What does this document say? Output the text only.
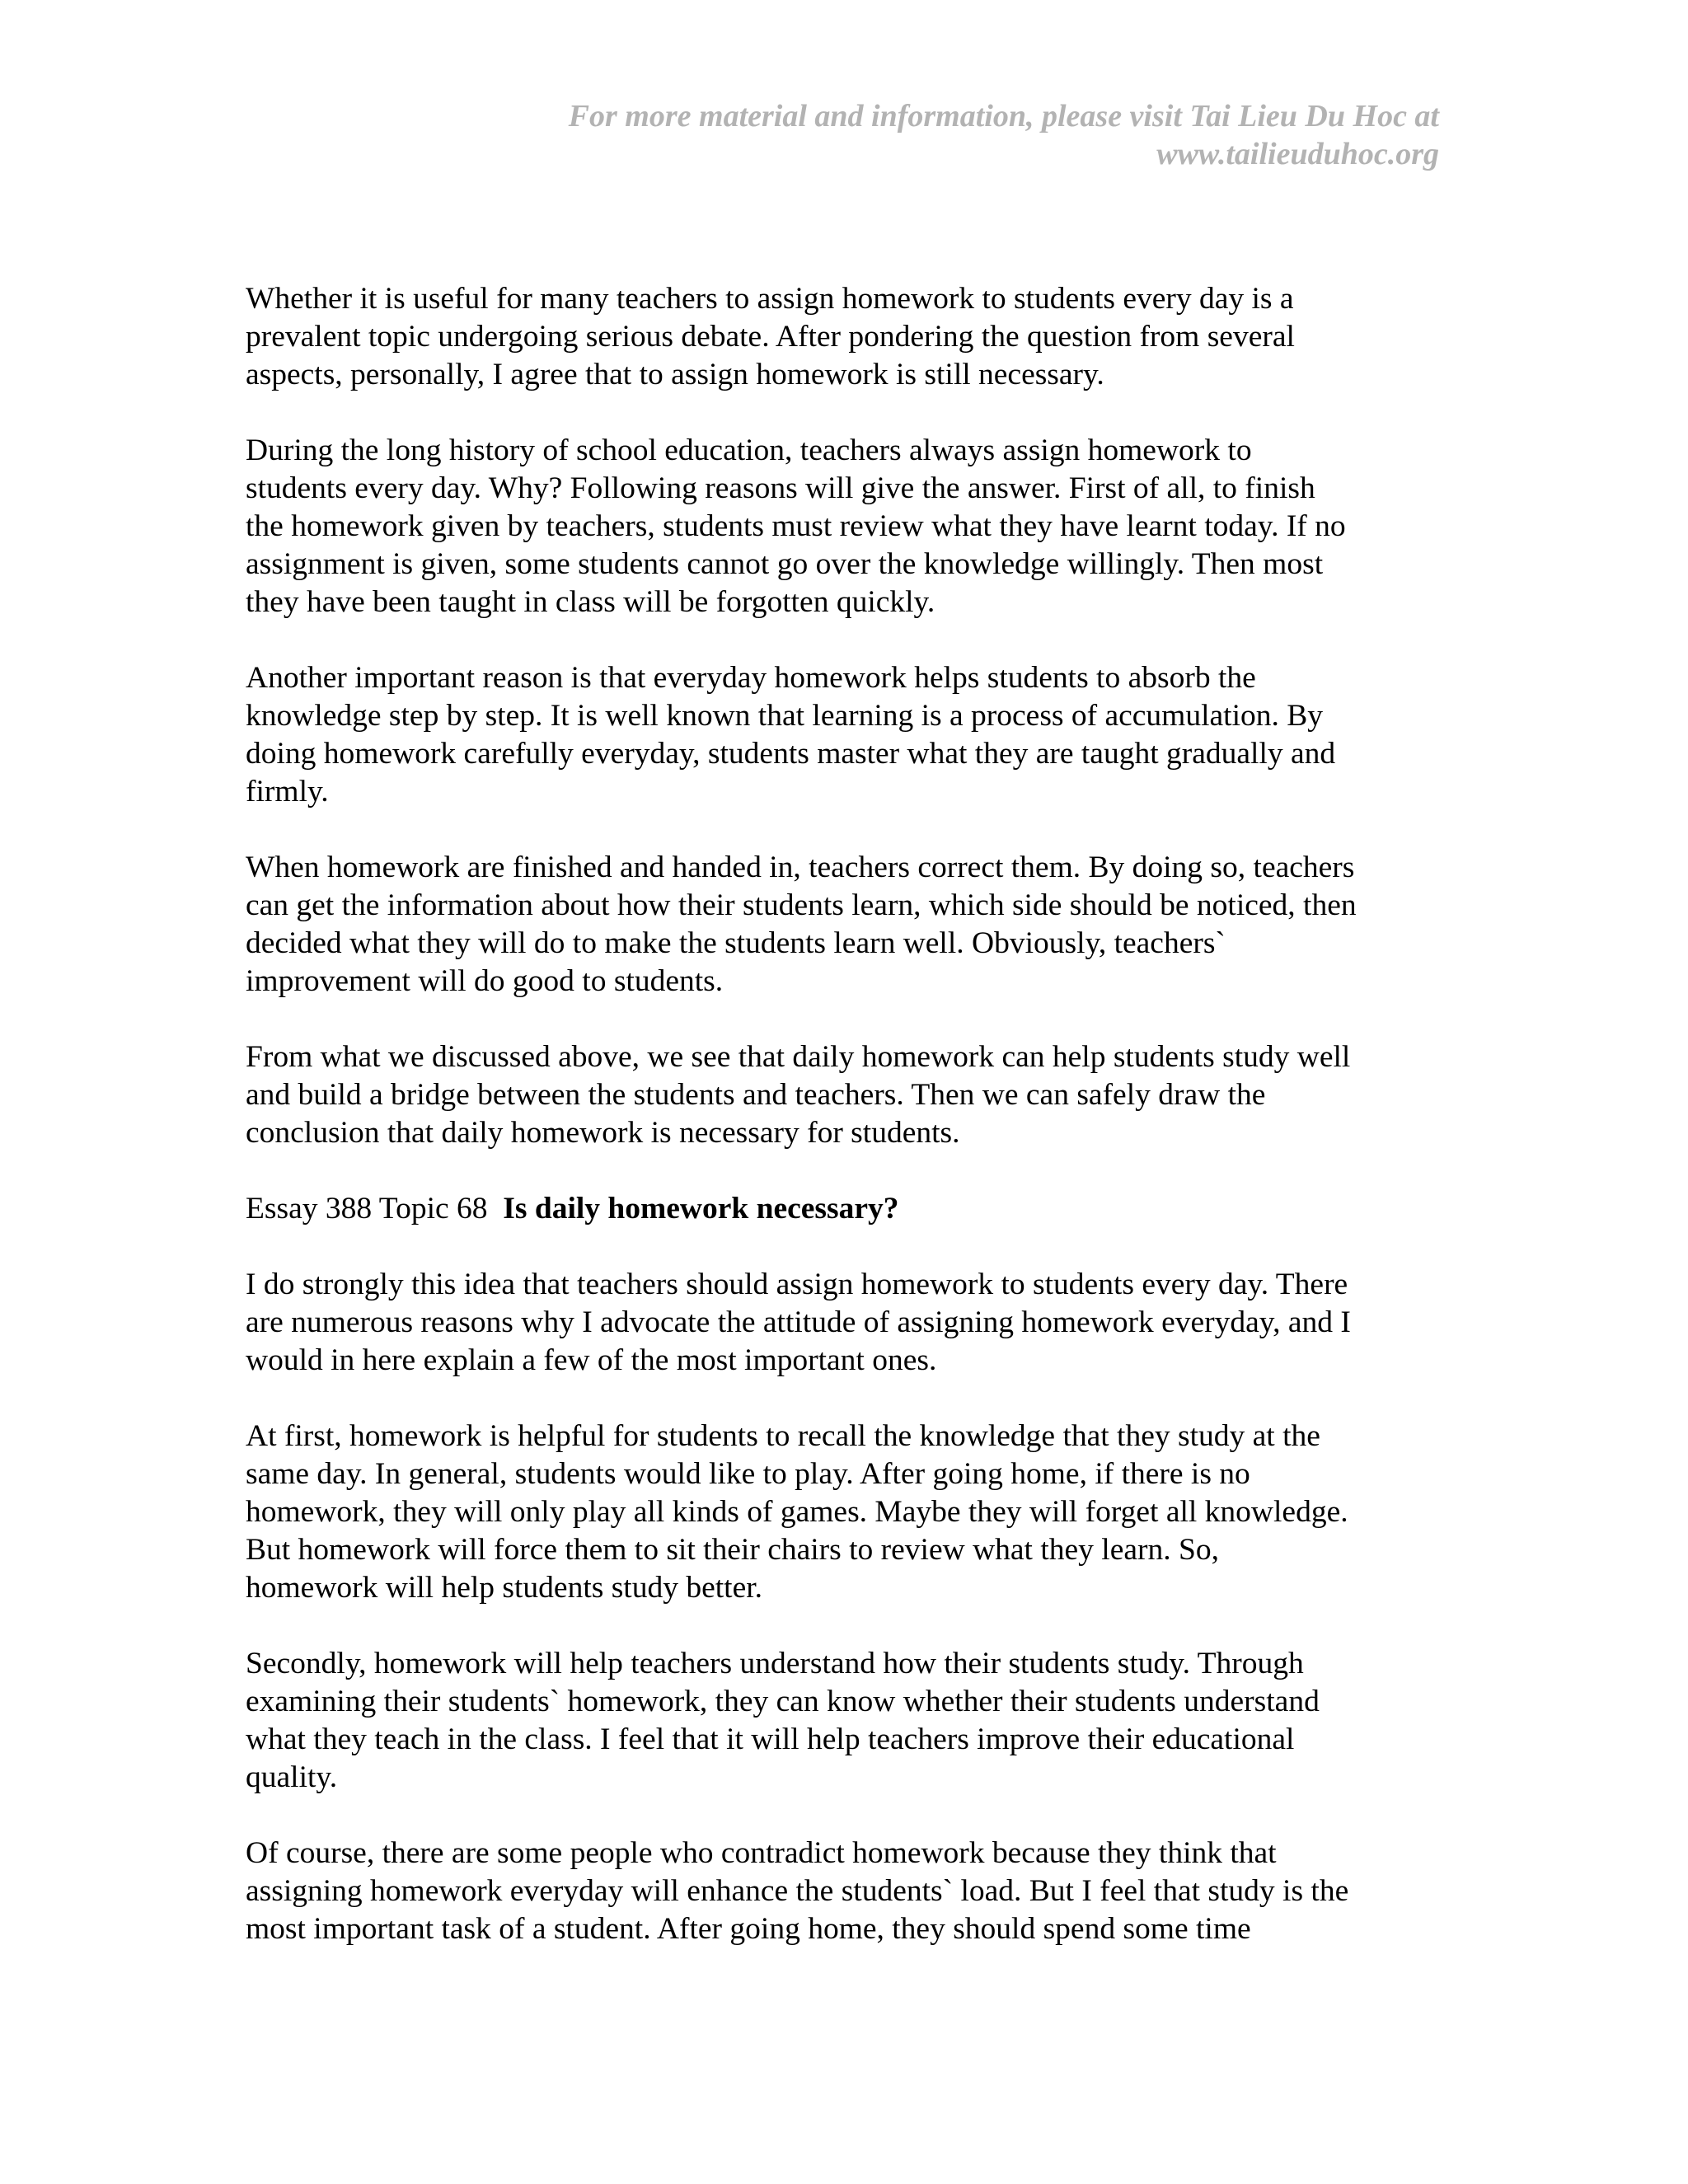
For more material and information, please visit Tai Lieu Du Hoc at
www.tailieuduhoc.org

Whether it is useful for many teachers to assign homework to students every day is a
prevalent topic undergoing serious debate. After pondering the question from several
aspects, personally, I agree that to assign homework is still necessary.

During the long history of school education, teachers always assign homework to
students every day. Why? Following reasons will give the answer. First of all, to finish
the homework given by teachers, students must review what they have learnt today. If no
assignment is given, some students cannot go over the knowledge willingly. Then most
they have been taught in class will be forgotten quickly.

Another important reason is that everyday homework helps students to absorb the
knowledge step by step. It is well known that learning is a process of accumulation. By
doing homework carefully everyday, students master what they are taught gradually and
firmly.

When homework are finished and handed in, teachers correct them. By doing so, teachers
can get the information about how their students learn, which side should be noticed, then
decided what they will do to make the students learn well. Obviously, teachers`
improvement will do good to students.

From what we discussed above, we see that daily homework can help students study well
and build a bridge between the students and teachers. Then we can safely draw the
conclusion that daily homework is necessary for students.

Essay 388 Topic 68 Is daily homework necessary?

I do strongly this idea that teachers should assign homework to students every day. There
are numerous reasons why I advocate the attitude of assigning homework everyday, and I
would in here explain a few of the most important ones.

At first, homework is helpful for students to recall the knowledge that they study at the
same day. In general, students would like to play. After going home, if there is no
homework, they will only play all kinds of games. Maybe they will forget all knowledge.
But homework will force them to sit their chairs to review what they learn. So,
homework will help students study better.

Secondly, homework will help teachers understand how their students study. Through
examining their students` homework, they can know whether their students understand
what they teach in the class. I feel that it will help teachers improve their educational
quality.

Of course, there are some people who contradict homework because they think that
assigning homework everyday will enhance the students` load. But I feel that study is the
most important task of a student. After going home, they should spend some time
